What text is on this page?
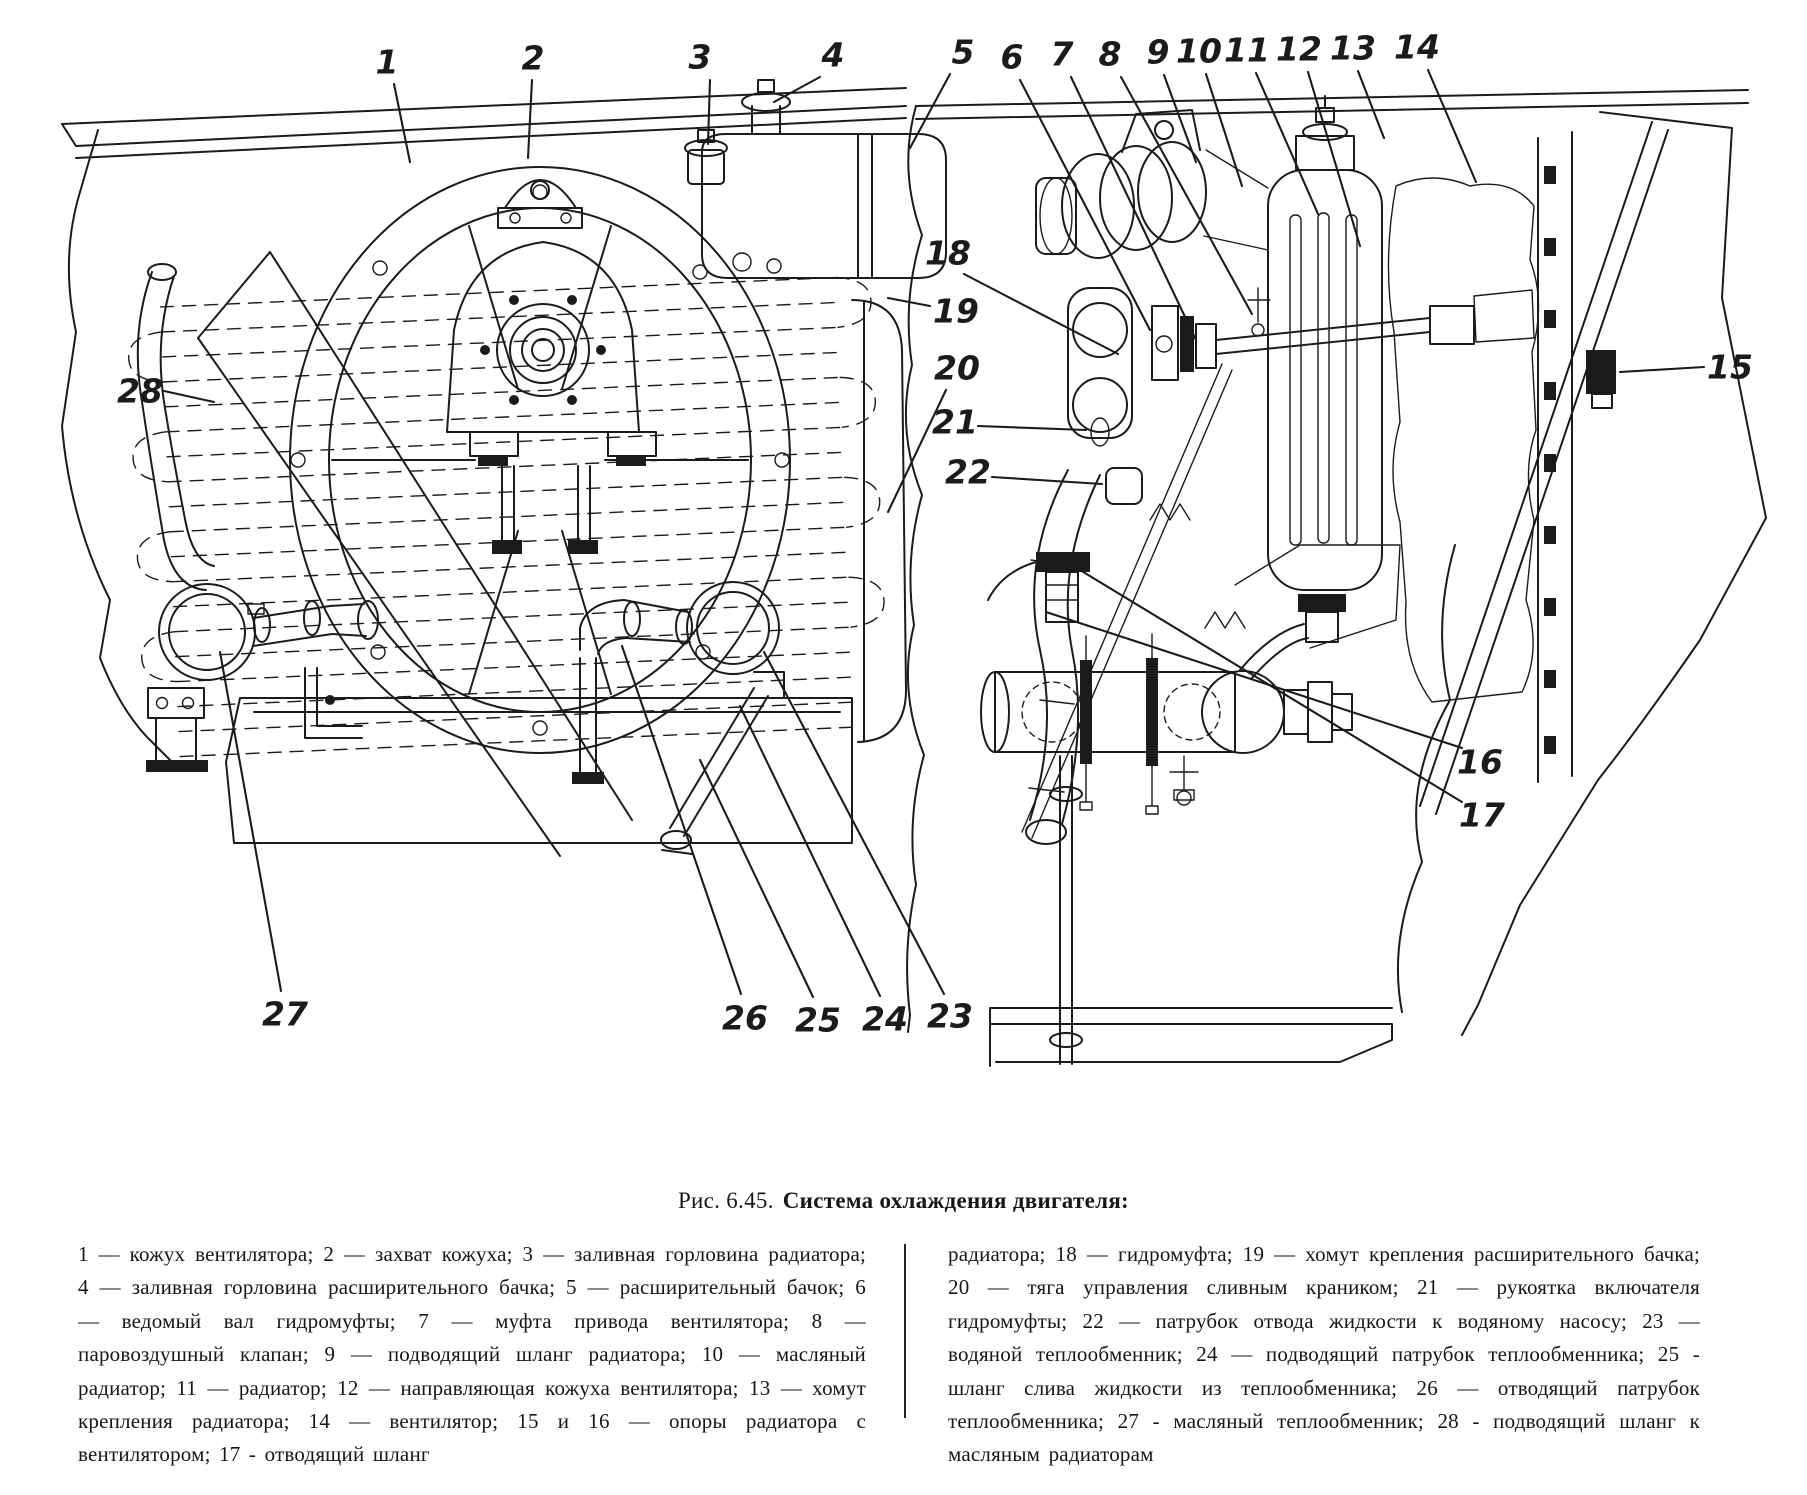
1	2	3	4	5 6 7 8 9 10 11 12 13 14
15
16
17
18
19
20
21
22
23
24
25
26
27
28
Рис. 6.45. Система охлаждения двигателя:
1 — кожух вентилятора; 2 — захват кожуха; 3 — заливная горловина радиатора; 4 — заливная горловина расширительного бачка; 5 — расширительный бачок; 6 — ведомый вал гидромуфты; 7 — муфта привода вентилятора; 8 — паровоздушный клапан; 9 — подводящий шланг радиатора; 10 — масляный радиатор; 11 — радиатор; 12 — направляющая кожуха вентилятора; 13 — хомут крепления радиатора; 14 — вентилятор; 15 и 16 — опоры радиатора с вентилятором; 17 - отводящий шланг
радиатора; 18 — гидромуфта; 19 — хомут крепления расширительного бачка; 20 — тяга управления сливным краником; 21 — рукоятка включателя гидромуфты; 22 — патрубок отвода жидкости к водяному насосу; 23 — водяной теплообменник; 24 — подводящий патрубок теплообменника; 25 - шланг слива жидкости из теплообменника; 26 — отводящий патрубок теплообменника; 27 - масляный теплообменник; 28 - подводящий шланг к масляным радиаторам
